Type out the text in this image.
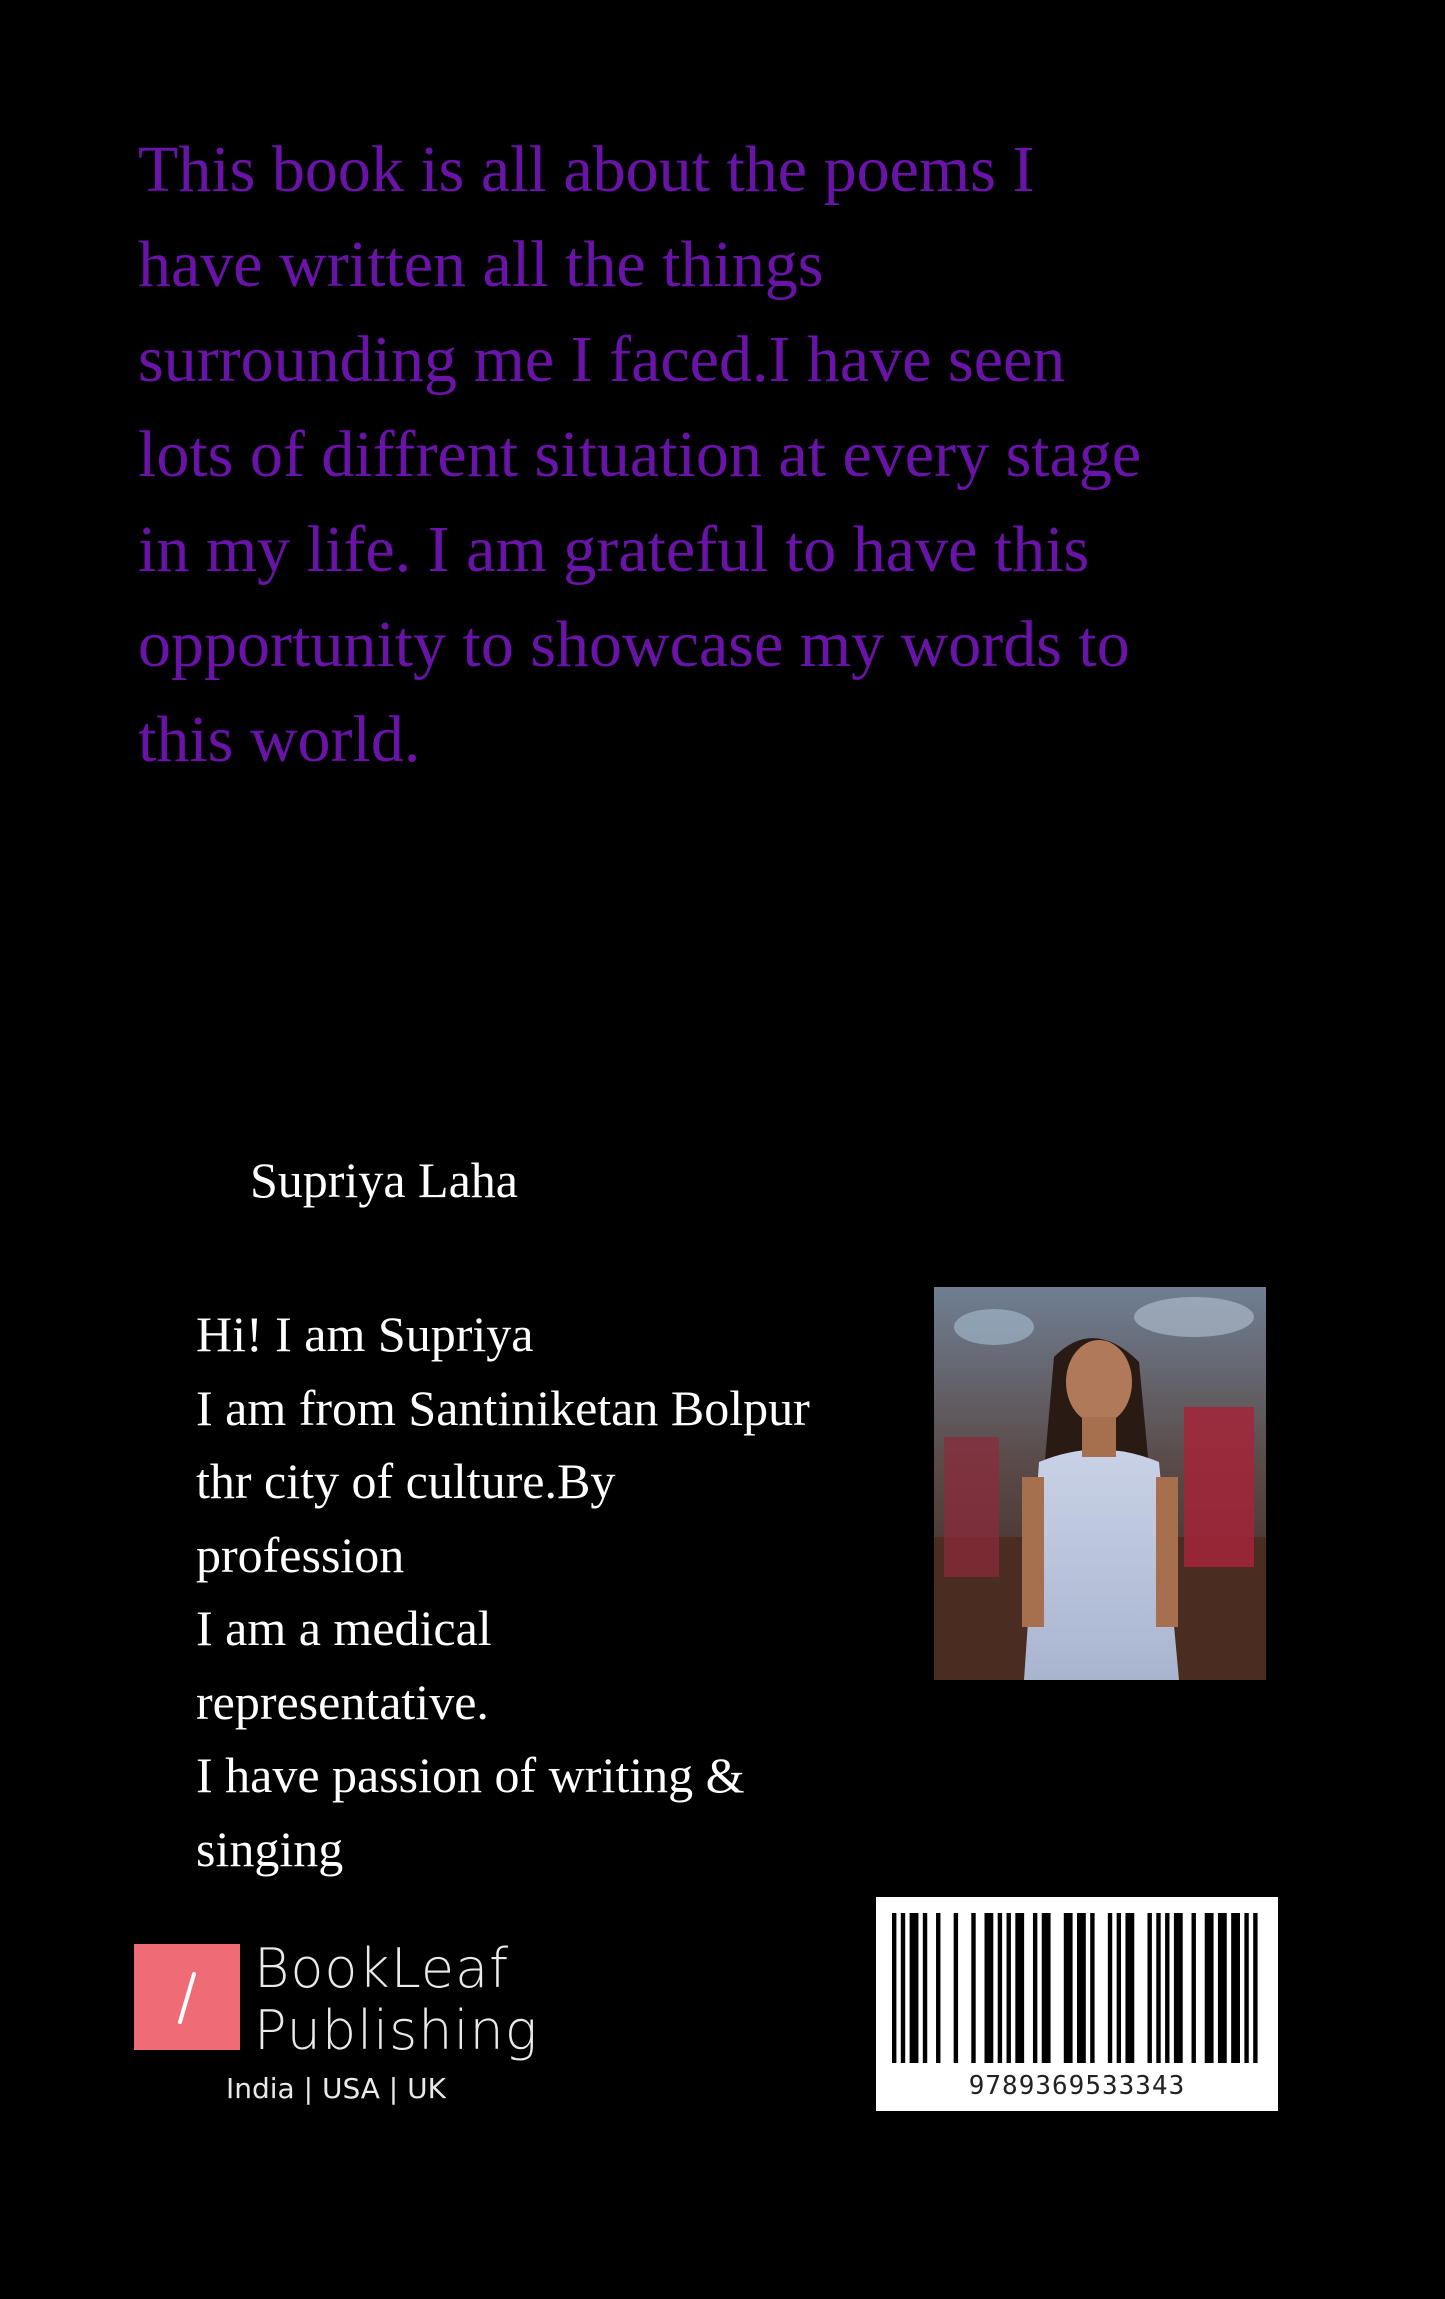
This book is all about the poems I
have written all the things
surrounding me I faced.I have seen
lots of diffrent situation at every stage
in my life. I am grateful to have this
opportunity to showcase my words to
this world.

Supriya Laha

Hi! I am Supriya
I am from Santiniketan Bolpur
thr city of culture.By
profession
I am a medical
representative.
I have passion of writing &
singing

BookLeaf
Publishing
India | USA | UK	9789369533343
